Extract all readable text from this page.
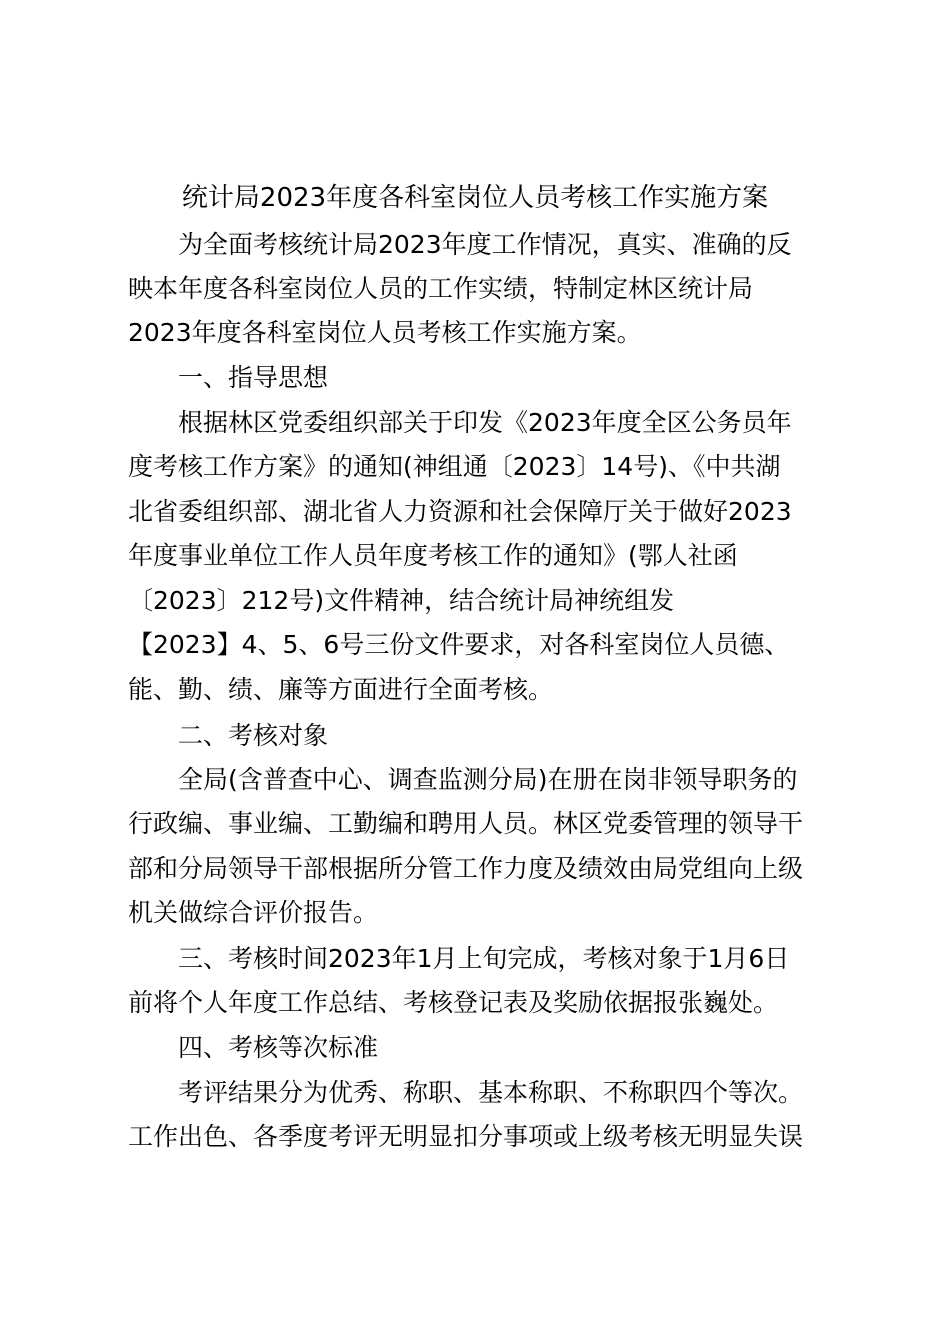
统计局2023年度各科室岗位人员考核工作实施方案
为全面考核统计局2023年度工作情况，真实、准确的反
映本年度各科室岗位人员的工作实绩，特制定林区统计局
2023年度各科室岗位人员考核工作实施方案。
一、指导思想
根据林区党委组织部关于印发《2023年度全区公务员年
度考核工作方案》的通知(神组通〔2023〕14号)、《中共湖
北省委组织部、湖北省人力资源和社会保障厅关于做好2023
年度事业单位工作人员年度考核工作的通知》(鄂人社函
〔2023〕212号)文件精神，结合统计局神统组发
【2023】4、5、6号三份文件要求，对各科室岗位人员德、
能、勤、绩、廉等方面进行全面考核。
二、考核对象
全局(含普查中心、调查监测分局)在册在岗非领导职务的
行政编、事业编、工勤编和聘用人员。林区党委管理的领导干
部和分局领导干部根据所分管工作力度及绩效由局党组向上级
机关做综合评价报告。
三、考核时间2023年1月上旬完成，考核对象于1月6日
前将个人年度工作总结、考核登记表及奖励依据报张巍处。
四、考核等次标准
考评结果分为优秀、称职、基本称职、不称职四个等次。
工作出色、各季度考评无明显扣分事项或上级考核无明显失误
